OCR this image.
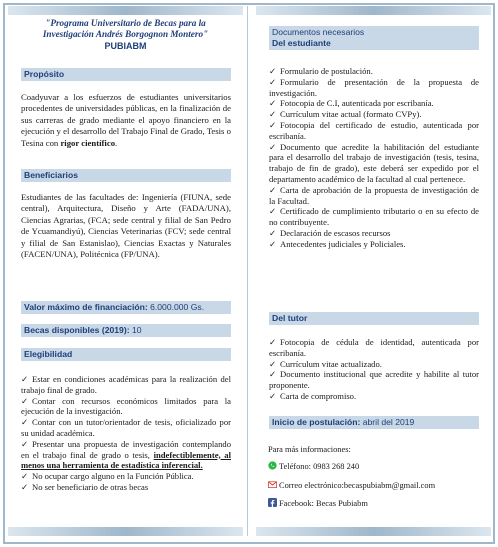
"Programa Universitario de Becas para la
Investigación Andrés Borgognon Montero"
PUBIABM
Propósito
Coadyuvar a los esfuerzos de estudiantes universitarios procedentes de universidades públicas, en la finalización de sus carreras de grado mediante el apoyo financiero en la ejecución y el desarrollo del Trabajo Final de Grado, Tesis o Tesina con rigor científico.
Beneficiarios
Estudiantes de las facultades de: Ingeniería (FIUNA, sede central), Arquitectura, Diseño y Arte (FADA/UNA), Ciencias Agrarias, (FCA; sede central y filial de San Pedro de Ycuamandiyú), Ciencias Veterinarias (FCV; sede central y filial de San Estanislao), Ciencias Exactas y Naturales (FACEN/UNA), Politécnica (FP/UNA).
Valor máximo de financiación: 6.000.000 Gs.
Becas disponibles (2019): 10
Elegibilidad
✓ Estar en condiciones académicas para la realización del trabajo final de grado.
✓ Contar con recursos económicos limitados para la ejecución de la investigación.
✓ Contar con un tutor/orientador de tesis, oficializado por su unidad académica.
✓ Presentar una propuesta de investigación contemplando en el trabajo final de grado o tesis, indefectiblemente, al menos una herramienta de estadística inferencial.
✓ No ocupar cargo alguno en la Función Pública.
✓ No ser beneficiario de otras becas
Documentos necesarios
Del estudiante
✓ Formulario de postulación.
✓ Formulario de presentación de la propuesta de investigación.
✓ Fotocopia de C.I, autenticada por escribanía.
✓ Currículum vitae actual (formato CVPy).
✓ Fotocopia del certificado de estudio, autenticada por escribanía.
✓ Documento que acredite la habilitación del estudiante para el desarrollo del trabajo de investigación (tesis, tesina, trabajo de fin de grado), este deberá ser expedido por el departamento académico de la facultad al cual pertenece.
✓ Carta de aprobación de la propuesta de investigación de la Facultad.
✓ Certificado de cumplimiento tributario o en su efecto de no contribuyente.
✓ Declaración de escasos recursos
✓ Antecedentes judiciales y Policiales.
Del tutor
✓ Fotocopia de cédula de identidad, autenticada por escribanía.
✓ Currículum vitae actualizado.
✓ Documento institucional que acredite y habilite al tutor proponente.
✓ Carta de compromiso.
Inicio de postulación: abril del 2019
Para más informaciones:
Teléfono: 0983 268 240
Correo electrónico:becaspubiabm@gmail.com
Facebook: Becas Pubiabm
